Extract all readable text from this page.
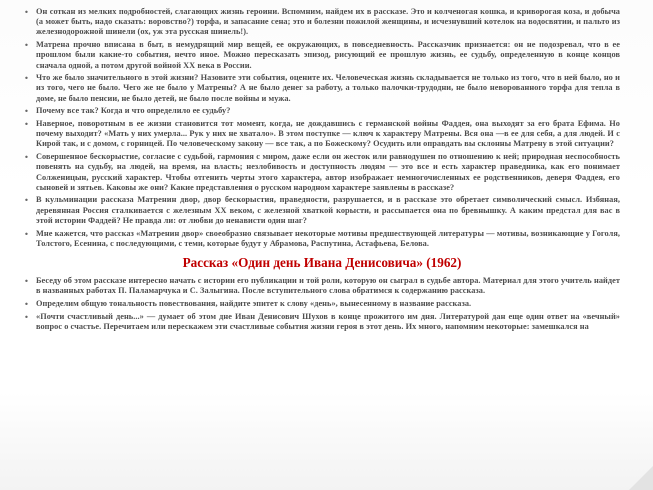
• Он соткан из мелких подробностей, слагающих жизнь героини. Вспомним, найдем их в рассказе. Это и колченогая кошка, и криворогая коза, и добыча (а может быть, надо сказать: воровство?) торфа, и запасание сена; это и болезни пожилой женщины, и исчезнувший котелок на водосвятии, и пальто из железнодорожной шинели (ох, уж эта русская шинель!).

• Матрена прочно вписана в быт, в немудрящий мир вещей, ее окружающих, в повседневность. Рассказчик признается: он не подозревал, что в ее прошлом были какие-то события, нечто иное. Можно пересказать эпизод, рисующий ее прошлую жизнь, ее судьбу, определенную в конце концов сначала одной, а потом другой войной XX века в России.

• Что же было значительного в этой жизни? Назовите эти события, оцените их. Человеческая жизнь складывается не только из того, что в ней было, но и из того, чего не было. Чего же не было у Матрены? А не было денег за работу, а только палочки-трудодни, не было неворованного торфа для тепла в доме, не было пенсии, не было детей, не было после войны и мужа.

• Почему все так? Когда и что определило ее судьбу?

• Наверное, поворотным в ее жизни становится тот момент, когда, не дождавшись с германской войны Фаддея, она выходят за его брата Ефима. Но почему выходит? «Мать у них умерла... Рук у них не хватало». В этом поступке — ключ к характеру Матрены. Вся она —в ее для себя, а для людей. И с Кирой так, и с домом, с горницей. По человеческому закону — все так, а по Божескому? Осудить или оправдать вы склонны Матрену в этой ситуации?

• Совершенное бескорыстие, согласие с судьбой, гармония с миром, даже если он жесток или равнодушен по отношению к ней; природная неспособность повенять на судьбу, на людей, на время, на власть; незлобивость и доступность людям — это все и есть характер праведника, как его понимает Солженицын, русский характер. Чтобы отгенить черты этого характера, автор изображает немногочисленных ее родственников, деверя Фаддея, его сыновей и зятьев. Каковы же они? Какие представления о русском народном характере заявлены в рассказе?

• В кульминации рассказа Матренин двор, двор бескорыстия, праведности, разрушается, и в рассказе это обретает символический смысл. Избяная, деревянная Россия сталкивается с железным XX веком, с железной хваткой корысти, и рассыпается она по бревнышку. А каким предстал для вас в этой истории Фаддей? Не правда ли: от любви до ненависти один шаг?

• Мне кажется, что рассказ «Матренин двор» своеобразно связывает некоторые мотивы предшествующей литературы — мотивы, возникающие у Гоголя, Толстого, Есенина, с последующими, с теми, которые будут у Абрамова, Распутина, Астафьева, Белова.

Рассказ «Один день Ивана Денисовича» (1962)

• Беседу об этом рассказе интересно начать с истории его публикации и той роли, которую он сыграл в судьбе автора. Материал для этого учитель найдет в названных работах П. Паламарчука и С. Залыгина. После вступительного слова обратимся к содержанию рассказа.

• Определим общую тональность повествования, найдите эпитет к слову «день», вынесенному в название рассказа.

• «Почти счастливый день...» — думает об этом дне Иван Денисович Шухов в конце прожитого им дня. Литературой дан еще один ответ на «вечный» вопрос о счастье. Перечитаем или перескажем эти счастливые события жизни героя в этот день. Их много, напомним некоторые: замешкался на
